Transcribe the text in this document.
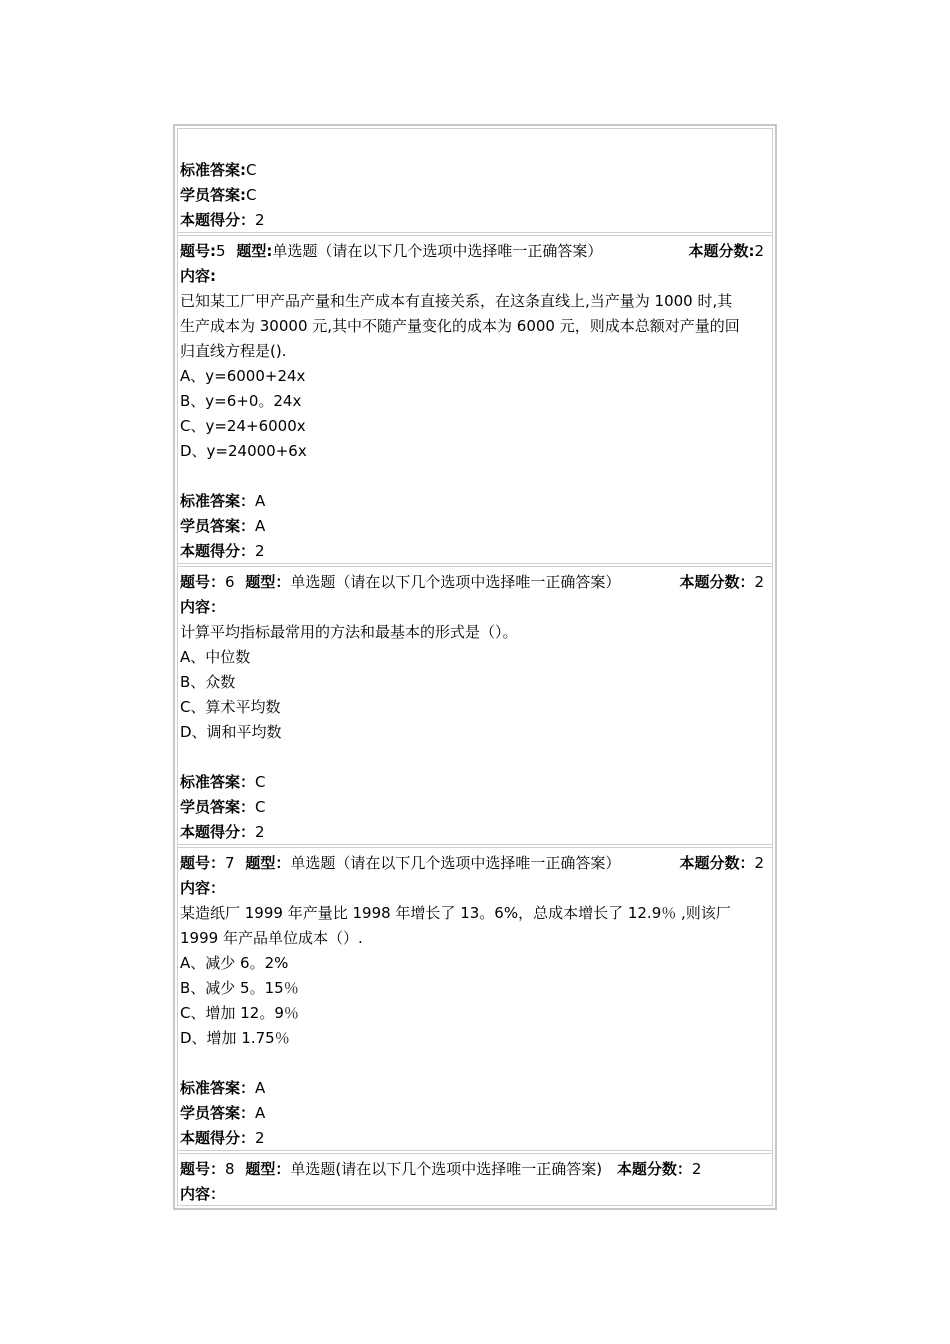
标准答案:C
学员答案:C
本题得分：2
题号:5 题型:单选题（请在以下几个选项中选择唯一正确答案）	本题分数:2
内容:
已知某工厂甲产品产量和生产成本有直接关系，在这条直线上,当产量为 1000 时,其
生产成本为 30000 元,其中不随产量变化的成本为 6000 元，则成本总额对产量的回
归直线方程是().
A、y=6000+24x
B、y=6+0。24x
C、y=24+6000x
D、y=24000+6x
标准答案：A
学员答案：A
本题得分：2
题号：6 题型：单选题（请在以下几个选项中选择唯一正确答案）	本题分数：2
内容：
计算平均指标最常用的方法和最基本的形式是（）。
A、中位数
B、众数
C、算术平均数
D、调和平均数
标准答案：C
学员答案：C
本题得分：2
题号：7 题型：单选题（请在以下几个选项中选择唯一正确答案）	本题分数：2
内容：
某造纸厂 1999 年产量比 1998 年增长了 13。6%，总成本增长了 12.9％ ,则该厂
1999 年产品单位成本（）.
A、减少 6。2%
B、减少 5。15％
C、增加 12。9％
D、增加 1.75％
标准答案：A
学员答案：A
本题得分：2
题号：8 题型：单选题(请在以下几个选项中选择唯一正确答案) 本题分数：2
内容：
